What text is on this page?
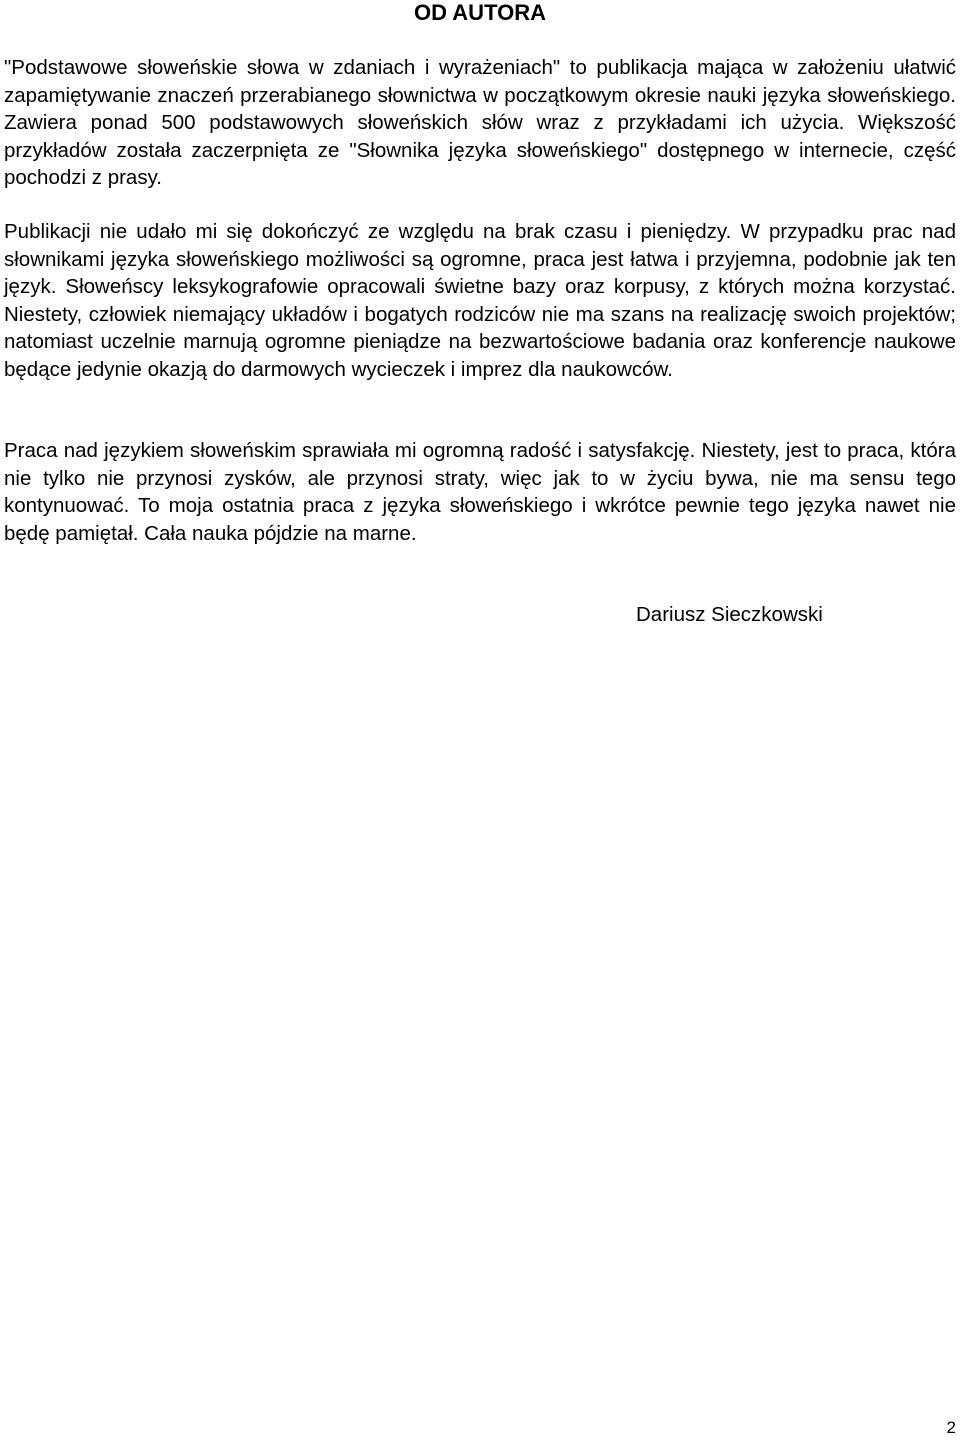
OD AUTORA

"Podstawowe słoweńskie słowa w zdaniach i wyrażeniach" to publikacja mająca w założeniu ułatwić zapamiętywanie znaczeń przerabianego słownictwa w początkowym okresie nauki języka słoweńskiego. Zawiera ponad 500 podstawowych słoweńskich słów wraz z przykładami ich użycia. Większość przykładów została zaczerpnięta ze "Słownika języka słoweńskiego" dostępnego w internecie, część pochodzi z prasy.

Publikacji nie udało mi się dokończyć ze względu na brak czasu i pieniędzy. W przypadku prac nad słownikami języka słoweńskiego możliwości są ogromne, praca jest łatwa i przyjemna, podobnie jak ten język. Słoweńscy leksykografowie opracowali świetne bazy oraz korpusy, z których można korzystać. Niestety, człowiek niemający układów i bogatych rodziców nie ma szans na realizację swoich projektów; natomiast uczelnie marnują ogromne pieniądze na bezwartościowe badania oraz konferencje naukowe będące jedynie okazją do darmowych wycieczek i imprez dla naukowców.

Praca nad językiem słoweńskim sprawiała mi ogromną radość i satysfakcję. Niestety, jest to praca, która nie tylko nie przynosi zysków, ale przynosi straty, więc jak to w życiu bywa, nie ma sensu tego kontynuować. To moja ostatnia praca z języka słoweńskiego i wkrótce pewnie tego języka nawet nie będę pamiętał. Cała nauka pójdzie na marne.

Dariusz Sieczkowski

2
